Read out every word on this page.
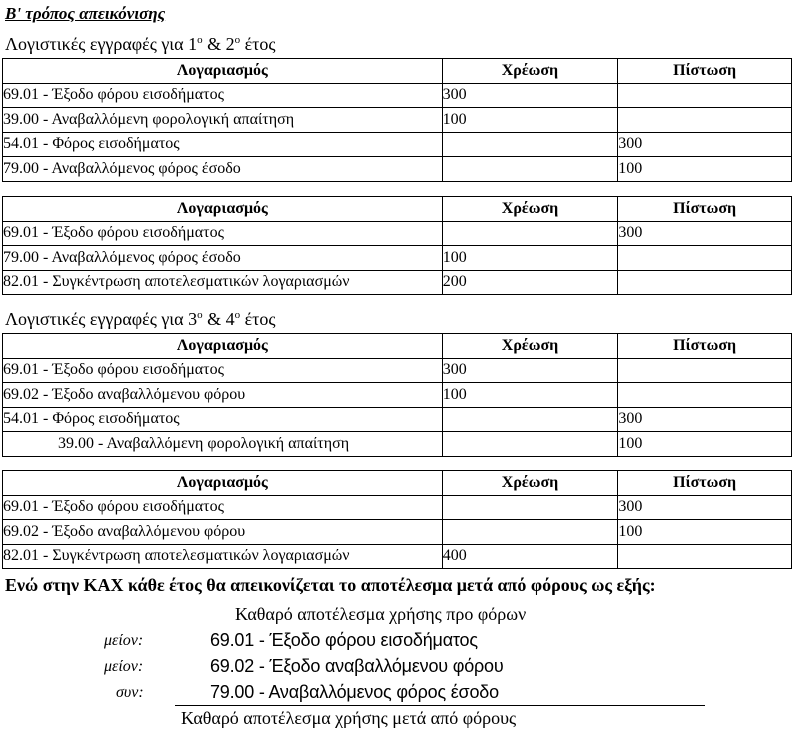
Β' τρόπος απεικόνισης
Λογιστικές εγγραφές για $1^o$ & $2^o$ έτος
Λογαριασμός	Χρέωση	Πίστωση
69.01 - Έξοδο φόρου εισοδήματος	300	
39.00 - Αναβαλλόμενη φορολογική απαίτηση	100	
54.01 - Φόρος εισοδήματος		300
79.00 - Αναβαλλόμενος φόρος έσοδο		100
Λογαριασμός	Χρέωση	Πίστωση
69.01 - Έξοδο φόρου εισοδήματος		300
79.00 - Αναβαλλόμενος φόρος έσοδο	100	
82.01 - Συγκέντρωση αποτελεσματικών λογαριασμών	200	
Λογιστικές εγγραφές για $3^o$ & $4^o$ έτος
Λογαριασμός	Χρέωση	Πίστωση
69.01 - Έξοδο φόρου εισοδήματος	300	
69.02 - Έξοδο αναβαλλόμενου φόρου	100	
54.01 - Φόρος εισοδήματος		300
39.00 - Αναβαλλόμενη φορολογική απαίτηση		100
Λογαριασμός	Χρέωση	Πίστωση
69.01 - Έξοδο φόρου εισοδήματος		300
69.02 - Έξοδο αναβαλλόμενου φόρου		100
82.01 - Συγκέντρωση αποτελεσματικών λογαριασμών	400	
Ενώ στην ΚΑΧ κάθε έτος θα απεικονίζεται το αποτέλεσμα μετά από φόρους ως εξής:
Καθαρό αποτέλεσμα χρήσης προ φόρων
μείον:	69.01 - Έξοδο φόρου εισοδήματος
μείον:	69.02 - Έξοδο αναβαλλόμενου φόρου
συν:	79.00 - Αναβαλλόμενος φόρος έσοδο
Καθαρό αποτέλεσμα χρήσης μετά από φόρους
